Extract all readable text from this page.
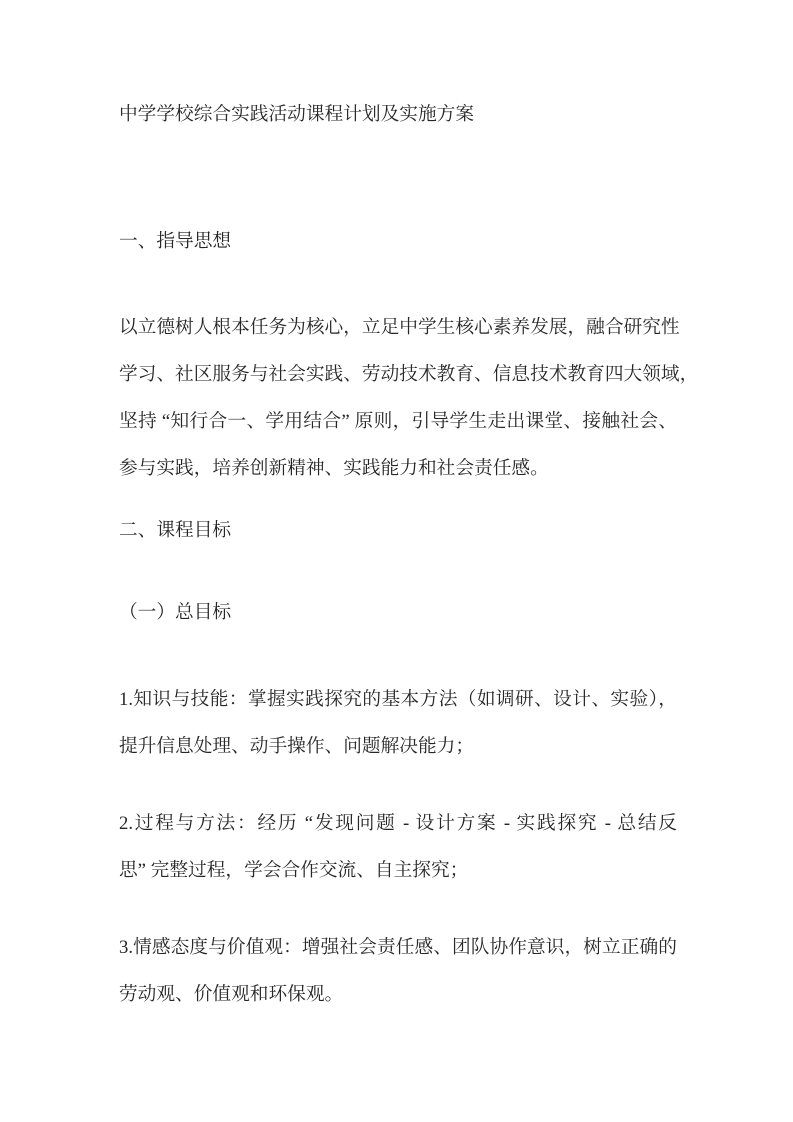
中学学校综合实践活动课程计划及实施方案
一、指导思想
以立德树人根本任务为核心，立足中学生核心素养发展，融合研究性
学习、社区服务与社会实践、劳动技术教育、信息技术教育四大领域，
坚持 “知行合一、学用结合” 原则，引导学生走出课堂、接触社会、
参与实践，培养创新精神、实践能力和社会责任感。
二、课程目标
（一）总目标
1.知识与技能：掌握实践探究的基本方法（如调研、设计、实验），
提升信息处理、动手操作、问题解决能力；
2.过程与方法：经历 “发现问题 - 设计方案 - 实践探究 - 总结反
思” 完整过程，学会合作交流、自主探究；
3.情感态度与价值观：增强社会责任感、团队协作意识，树立正确的
劳动观、价值观和环保观。
